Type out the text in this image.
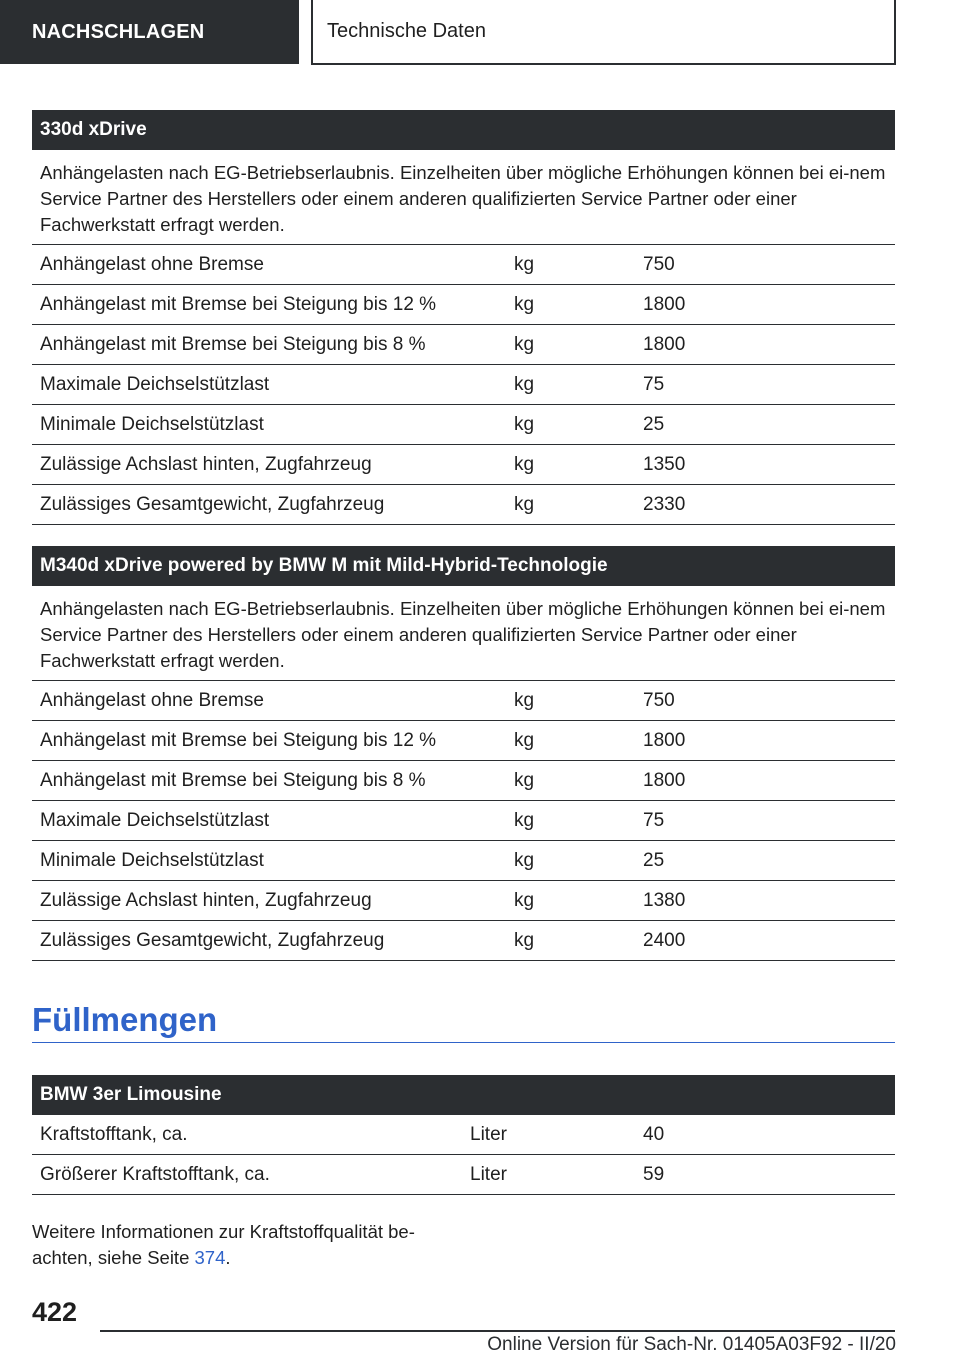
NACHSCHLAGEN	Technische Daten
330d xDrive
Anhängelasten nach EG-Betriebserlaubnis. Einzelheiten über mögliche Erhöhungen können bei ei-nem Service Partner des Herstellers oder einem anderen qualifizierten Service Partner oder einer Fachwerkstatt erfragt werden.
Anhängelast ohne Bremse	kg	750
Anhängelast mit Bremse bei Steigung bis 12 %	kg	1800
Anhängelast mit Bremse bei Steigung bis 8 %	kg	1800
Maximale Deichselstützlast	kg	75
Minimale Deichselstützlast	kg	25
Zulässige Achslast hinten, Zugfahrzeug	kg	1350
Zulässiges Gesamtgewicht, Zugfahrzeug	kg	2330
M340d xDrive powered by BMW M mit Mild-Hybrid-Technologie
Anhängelasten nach EG-Betriebserlaubnis. Einzelheiten über mögliche Erhöhungen können bei ei-nem Service Partner des Herstellers oder einem anderen qualifizierten Service Partner oder einer Fachwerkstatt erfragt werden.
Anhängelast ohne Bremse	kg	750
Anhängelast mit Bremse bei Steigung bis 12 %	kg	1800
Anhängelast mit Bremse bei Steigung bis 8 %	kg	1800
Maximale Deichselstützlast	kg	75
Minimale Deichselstützlast	kg	25
Zulässige Achslast hinten, Zugfahrzeug	kg	1380
Zulässiges Gesamtgewicht, Zugfahrzeug	kg	2400
Füllmengen
BMW 3er Limousine
Kraftstofftank, ca.	Liter	40
Größerer Kraftstofftank, ca.	Liter	59
Weitere Informationen zur Kraftstoffqualität be-achten, siehe Seite 374.
422
Online Version für Sach-Nr. 01405A03F92 - II/20
